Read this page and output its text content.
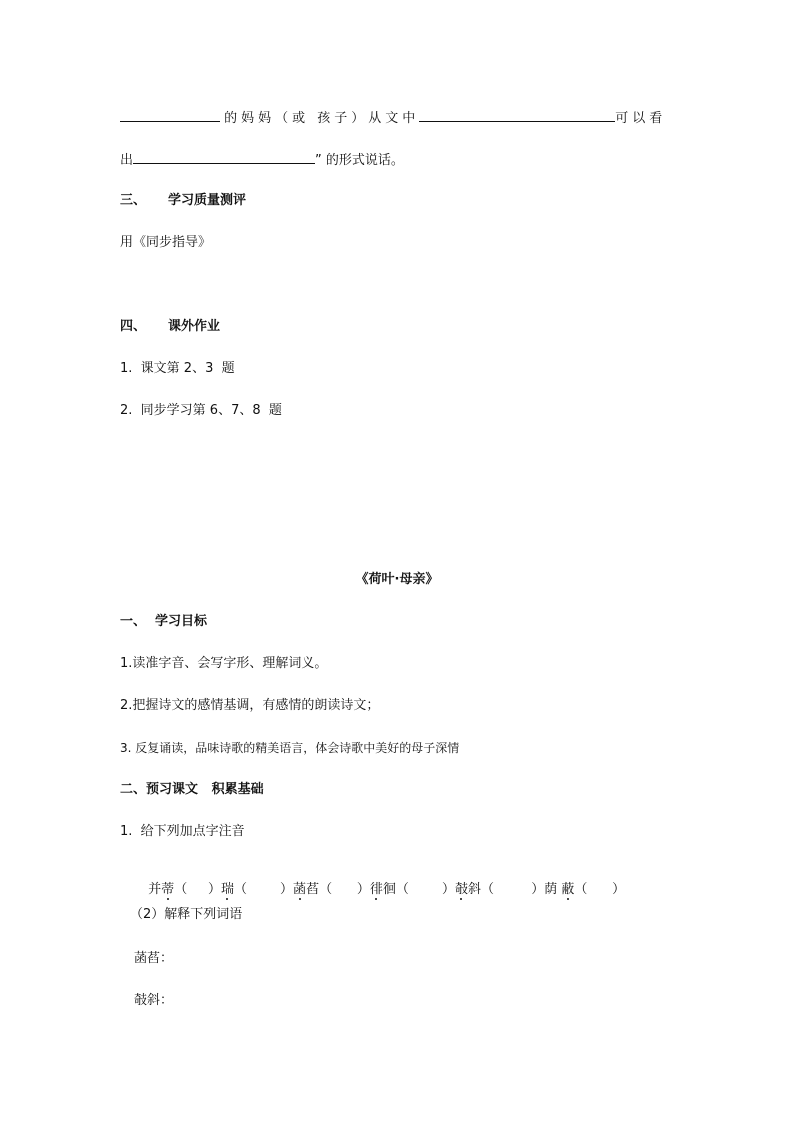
的妈妈（或 孩子）从文中	可以看
出	” 的形式说话。
三、 学习质量测评
用《同步指导》
四、 课外作业
1.  课文第 2、3  题
2.  同步学习第 6、7、8  题
《荷叶·母亲》
一、  学习目标
1.读准字音、会写字形、理解词义。
2.把握诗文的感情基调，有感情的朗读诗文；
3. 反复诵读，品味诗歌的精美语言，体会诗歌中美好的母子深情
二、预习课文   积累基础
1.  给下列加点字注音

并蒂（     ）瑞（        ）菡萏（      ）徘徊（        ）攲斜（         ）荫 蔽（      ）

（2）解释下列词语
菡萏：
攲斜：
